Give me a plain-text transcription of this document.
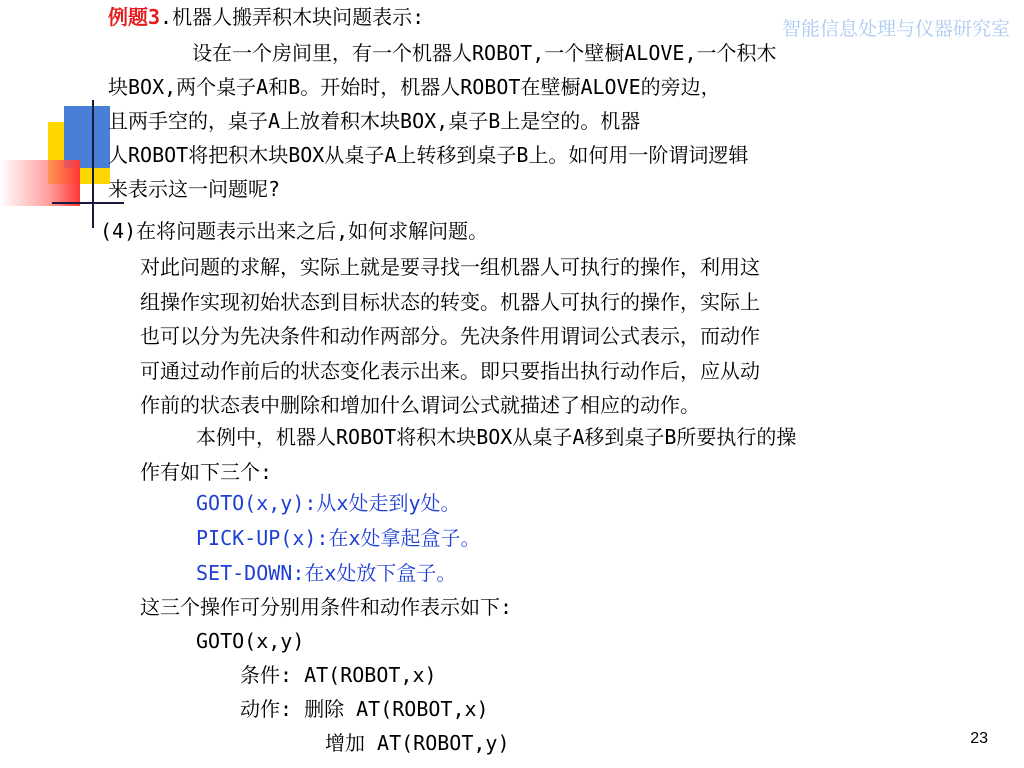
智能信息处理与仪器研究室
例题3.机器人搬弄积木块问题表示:

设在一个房间里，有一个机器人ROBOT,一个壁橱ALOVE,一个积木

块BOX,两个桌子A和B。开始时，机器人ROBOT在壁橱ALOVE的旁边，

且两手空的，桌子A上放着积木块BOX,桌子B上是空的。机器

人ROBOT将把积木块BOX从桌子A上转移到桌子B上。如何用一阶谓词逻辑

来表示这一问题呢?

(4)在将问题表示出来之后,如何求解问题。

对此问题的求解，实际上就是要寻找一组机器人可执行的操作，利用这

组操作实现初始状态到目标状态的转变。机器人可执行的操作，实际上

也可以分为先决条件和动作两部分。先决条件用谓词公式表示，而动作

可通过动作前后的状态变化表示出来。即只要指出执行动作后，应从动

作前的状态表中删除和增加什么谓词公式就描述了相应的动作。

本例中，机器人ROBOT将积木块BOX从桌子A移到桌子B所要执行的操

作有如下三个:

GOTO(x,y):从x处走到y处。
PICK-UP(x):在x处拿起盒子。
SET-DOWN:在x处放下盒子。
这三个操作可分别用条件和动作表示如下:
GOTO(x,y)
条件: AT(ROBOT,x)
动作: 删除 AT(ROBOT,x)
增加 AT(ROBOT,y)	23
